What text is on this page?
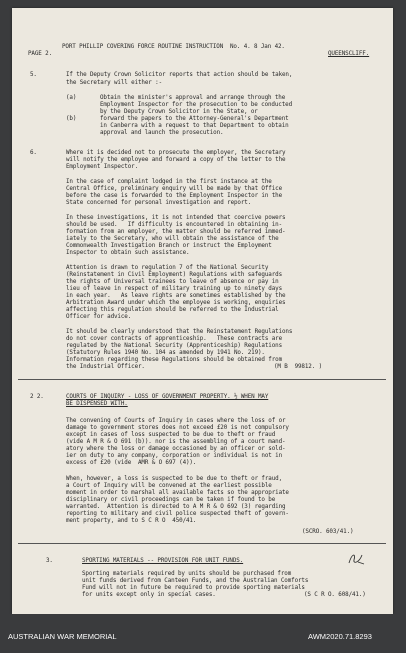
PORT PHILLIP COVERING FORCE ROUTINE INSTRUCTION  No. 4. 8 Jan 42.

PAGE 2.	QUEENSCLIFF.

5.	If the Deputy Crown Solicitor reports that action should be taken,

the Secretary will either :-

(a)	Obtain the minister's approval and arrange through the

Employment Inspector for the prosecution to be conducted

by the Deputy Crown Solicitor in the State, or

(b)	forward the papers to the Attorney-General's Department

in Canberra with a request to that Department to obtain

approval and launch the prosecution.

6.	Where it is decided not to prosecute the employer, the Secretary

will notify the employee and forward a copy of the letter to the

Employment Inspector.

In the case of complaint lodged in the first instance at the

Central Office, preliminary enquiry will be made by that Office

before the case is forwarded to the Employment Inspector in the

State concerned for personal investigation and report.

In these investigations, it is not intended that coercive powers

should be used.   If difficulty is encountered in obtaining in-

formation from an employer, the matter should be referred immed-

iately to the Secretary, who will obtain the assistance of the

Commonwealth Investigation Branch or instruct the Employment

Inspector to obtain such assistance.

Attention is drawn to regulation 7 of the National Security

(Reinstatement in Civil Employment) Regulations with safeguards

the rights of Universal trainees to leave of absence or pay in

lieu of leave in respect of military training up to ninety days

in each year.   As leave rights are sometimes established by the

Arbitration Award under which the employee is working, enquiries

affecting this regulation should be referred to the Industrial

Officer for advice.

It should be clearly understood that the Reinstatement Regulations

do not cover contracts of apprenticeship.   These contracts are

regulated by the National Security (Apprenticeship) Regulations

(Statutory Rules 1940 No. 104 as amended by 1941 No. 219).

Information regarding these Regulations should be obtained from

the Industrial Officer.	(M B  99812. )

2 2.	COURTS OF INQUIRY - LOSS OF GOVERNMENT PROPERTY. ½ WHEN MAY

BE DISPENSED WITH.

The convening of Courts of Inquiry in cases where the loss of or

damage to government stores does not exceed £20 is not compulsory

except in cases of loss suspected to be due to theft or fraud

(vide A M R & O 691 (b)). nor is the assembling of a court mand-

atory where the loss or damage occasioned by an officer or sold-

ier on duty to any company, corporation or individual is not in

excess of £20 (vide  AMR & O 697 (4)).

When, however, a loss is suspected to be due to theft or fraud,

a Court of Inquiry will be convened at the earliest possible

moment in order to marshal all available facts so the appropriate

disciplinary or civil proceedings can be taken if found to be

warranted.  Attention is directed to A M R & O 692 (3) regarding

reporting to military and civil police suspected theft of govern-

ment property, and to S C R O  450/41.

(SCRO. 603/41.)

3.	SPORTING MATERIALS -- PROVISION FOR UNIT FUNDS.

Sporting materials required by units should be purchased from

unit funds derived from Canteen Funds, and the Australian Comforts

Fund will not in future be required to provide sporting materials

for units except only in special cases.	(S C R O. 608/41.)

AUSTRALIAN WAR MEMORIAL	AWM2020.71.8293
